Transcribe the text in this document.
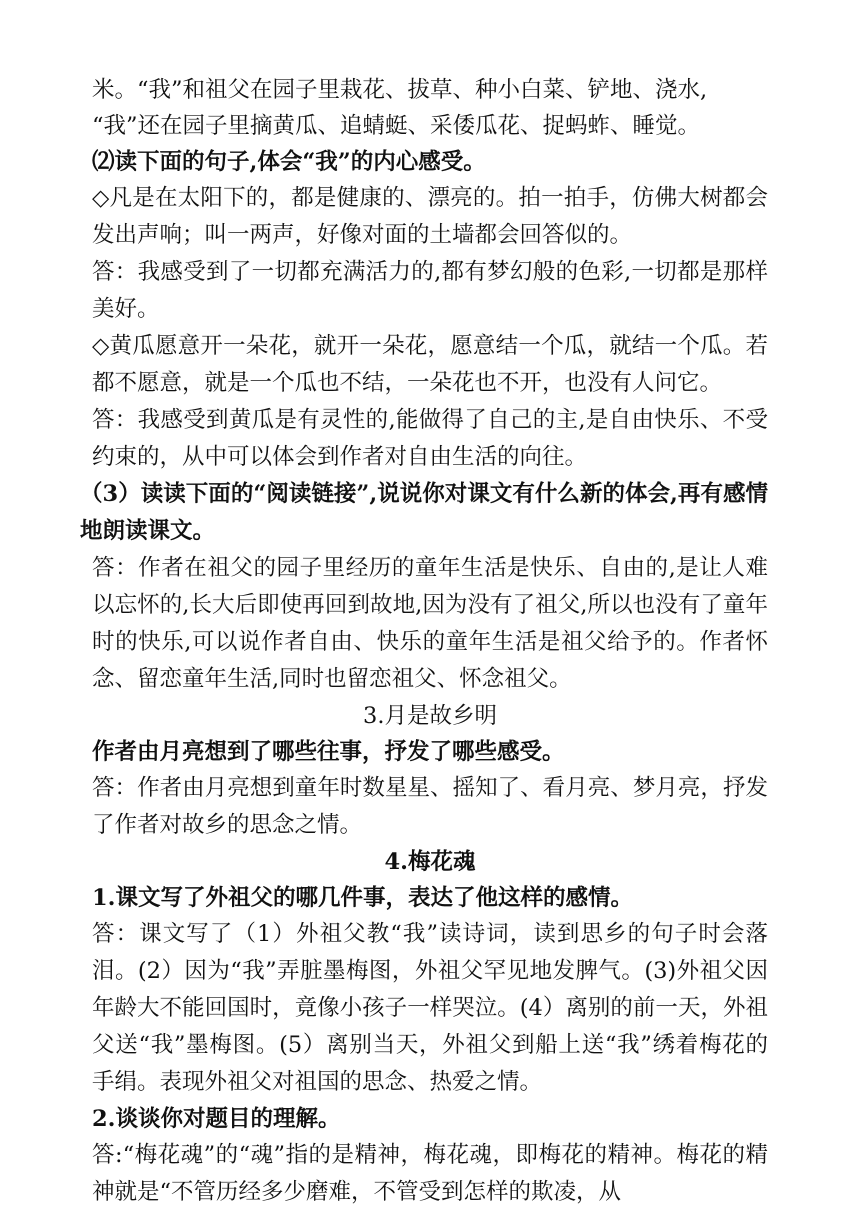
米。“我”和祖父在园子里栽花、拔草、种小白菜、铲地、浇水,

“我”还在园子里摘黄瓜、追蜻蜓、采倭瓜花、捉蚂蚱、睡觉。

⑵读下面的句子,体会“我”的内心感受。

◇凡是在太阳下的，都是健康的、漂亮的。拍一拍手，仿佛大树都会发出声响；叫一两声，好像对面的土墙都会回答似的。

答：我感受到了一切都充满活力的,都有梦幻般的色彩,一切都是那样美好。

◇黄瓜愿意开一朵花，就开一朵花，愿意结一个瓜，就结一个瓜。若都不愿意，就是一个瓜也不结，一朵花也不开，也没有人问它。

答：我感受到黄瓜是有灵性的,能做得了自己的主,是自由快乐、不受约束的，从中可以体会到作者对自由生活的向往。

（3）读读下面的“阅读链接”,说说你对课文有什么新的体会,再有感情地朗读课文。

答：作者在祖父的园子里经历的童年生活是快乐、自由的,是让人难以忘怀的,长大后即使再回到故地,因为没有了祖父,所以也没有了童年时的快乐,可以说作者自由、快乐的童年生活是祖父给予的。作者怀念、留恋童年生活,同时也留恋祖父、怀念祖父。

3.月是故乡明

作者由月亮想到了哪些往事，抒发了哪些感受。

答：作者由月亮想到童年时数星星、摇知了、看月亮、梦月亮，抒发了作者对故乡的思念之情。

4.梅花魂

1.课文写了外祖父的哪几件事，表达了他这样的感情。

答：课文写了（1）外祖父教“我”读诗词，读到思乡的句子时会落泪。(2）因为“我”弄脏墨梅图，外祖父罕见地发脾气。(3)外祖父因年龄大不能回国时，竟像小孩子一样哭泣。(4）离别的前一天，外祖父送“我”墨梅图。(5）离别当天，外祖父到船上送“我”绣着梅花的手绢。表现外祖父对祖国的思念、热爱之情。

2.谈谈你对题目的理解。

答:“梅花魂”的“魂”指的是精神，梅花魂，即梅花的精神。梅花的精神就是“不管历经多少磨难，不管受到怎样的欺凌，从
